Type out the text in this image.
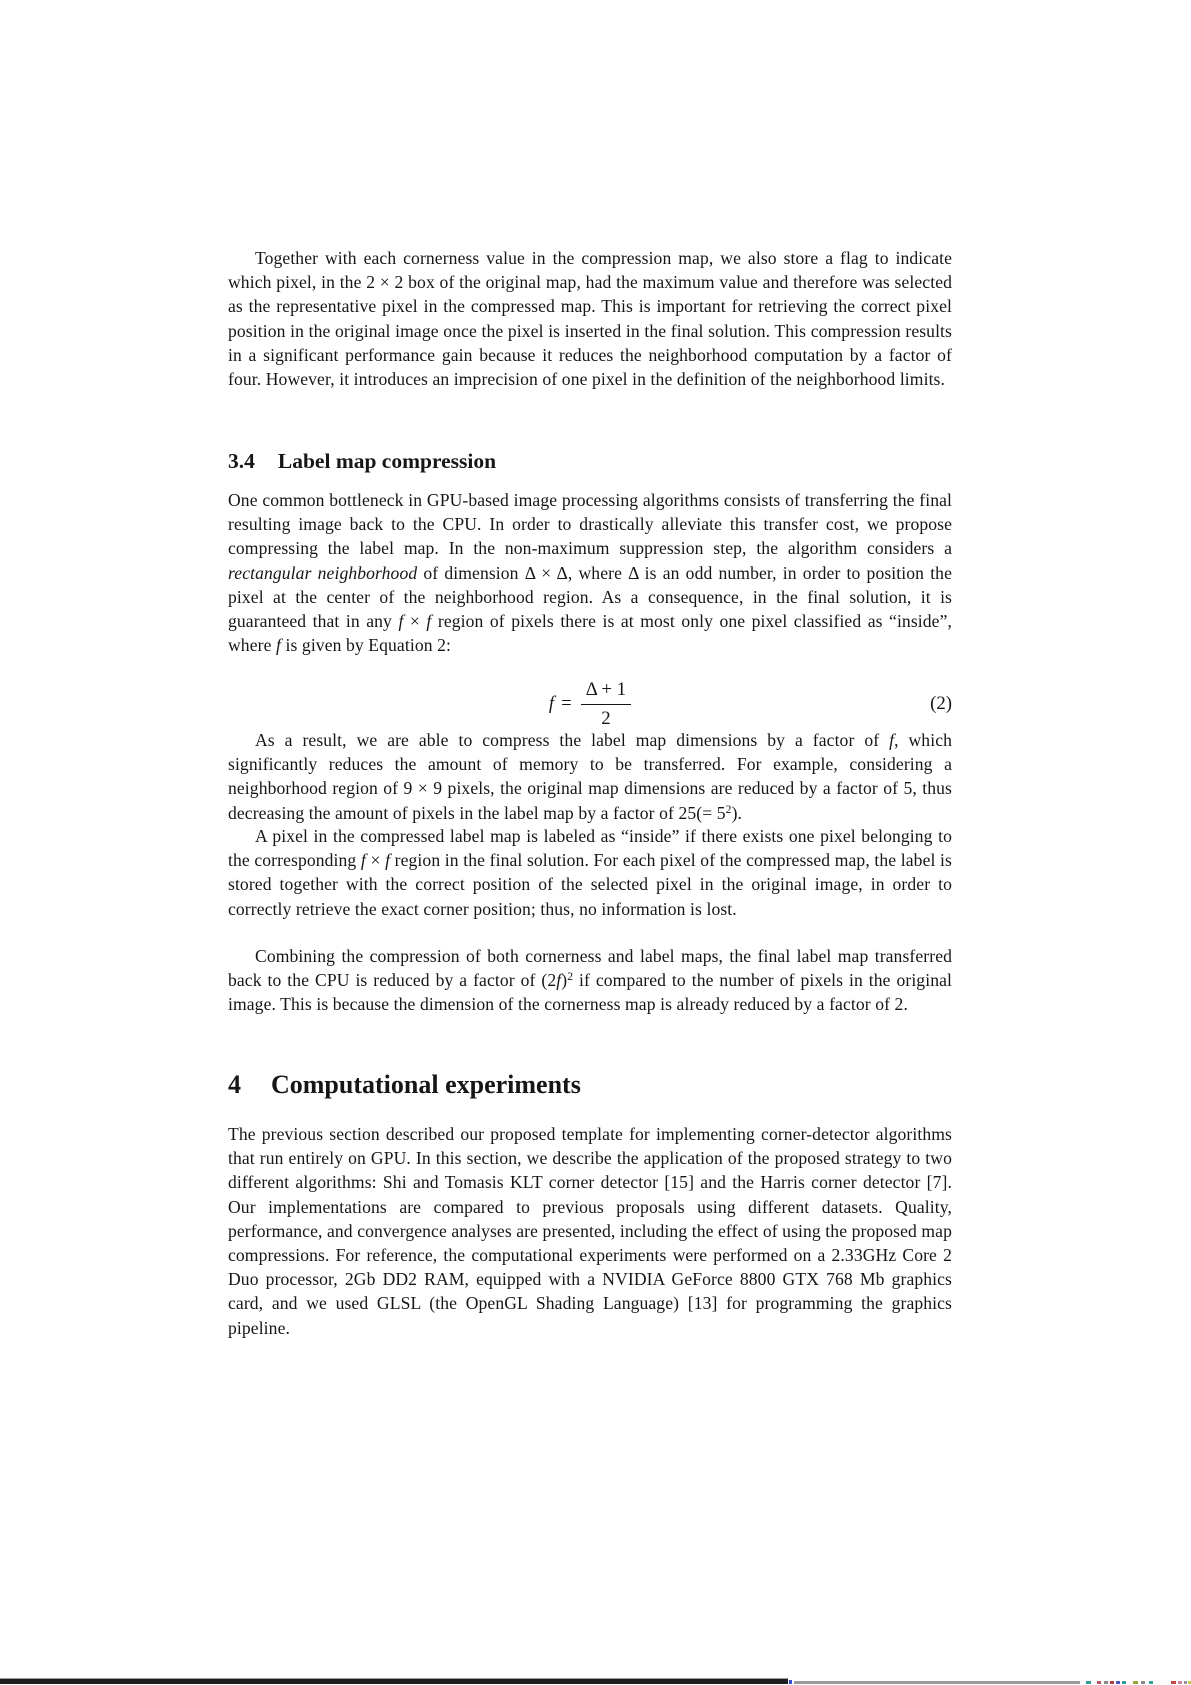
Together with each cornerness value in the compression map, we also store a flag to indicate which pixel, in the 2 × 2 box of the original map, had the maximum value and therefore was selected as the representative pixel in the compressed map. This is important for retrieving the correct pixel position in the original image once the pixel is inserted in the final solution. This compression results in a significant performance gain because it reduces the neighborhood computation by a factor of four. However, it introduces an imprecision of one pixel in the definition of the neighborhood limits.

3.4 Label map compression

One common bottleneck in GPU-based image processing algorithms consists of transferring the final resulting image back to the CPU. In order to drastically alleviate this transfer cost, we propose compressing the label map. In the non-maximum suppression step, the algorithm considers a rectangular neighborhood of dimension Δ × Δ, where Δ is an odd number, in order to position the pixel at the center of the neighborhood region. As a consequence, in the final solution, it is guaranteed that in any f × f region of pixels there is at most only one pixel classified as “inside”, where f is given by Equation 2:

$f = \frac{\Delta + 1}{2}$	(2)

As a result, we are able to compress the label map dimensions by a factor of f, which significantly reduces the amount of memory to be transferred. For example, considering a neighborhood region of 9 × 9 pixels, the original map dimensions are reduced by a factor of 5, thus decreasing the amount of pixels in the label map by a factor of $25(= 5^2)$.

A pixel in the compressed label map is labeled as “inside” if there exists one pixel belonging to the corresponding f × f region in the final solution. For each pixel of the compressed map, the label is stored together with the correct position of the selected pixel in the original image, in order to correctly retrieve the exact corner position; thus, no information is lost.

Combining the compression of both cornerness and label maps, the final label map transferred back to the CPU is reduced by a factor of $(2f)^2$ if compared to the number of pixels in the original image. This is because the dimension of the cornerness map is already reduced by a factor of 2.

4 Computational experiments

The previous section described our proposed template for implementing corner-detector algorithms that run entirely on GPU. In this section, we describe the application of the proposed strategy to two different algorithms: Shi and Tomasis KLT corner detector [15] and the Harris corner detector [7]. Our implementations are compared to previous proposals using different datasets. Quality, performance, and convergence analyses are presented, including the effect of using the proposed map compressions. For reference, the computational experiments were performed on a 2.33GHz Core 2 Duo processor, 2Gb DD2 RAM, equipped with a NVIDIA GeForce 8800 GTX 768 Mb graphics card, and we used GLSL (the OpenGL Shading Language) [13] for programming the graphics pipeline.
